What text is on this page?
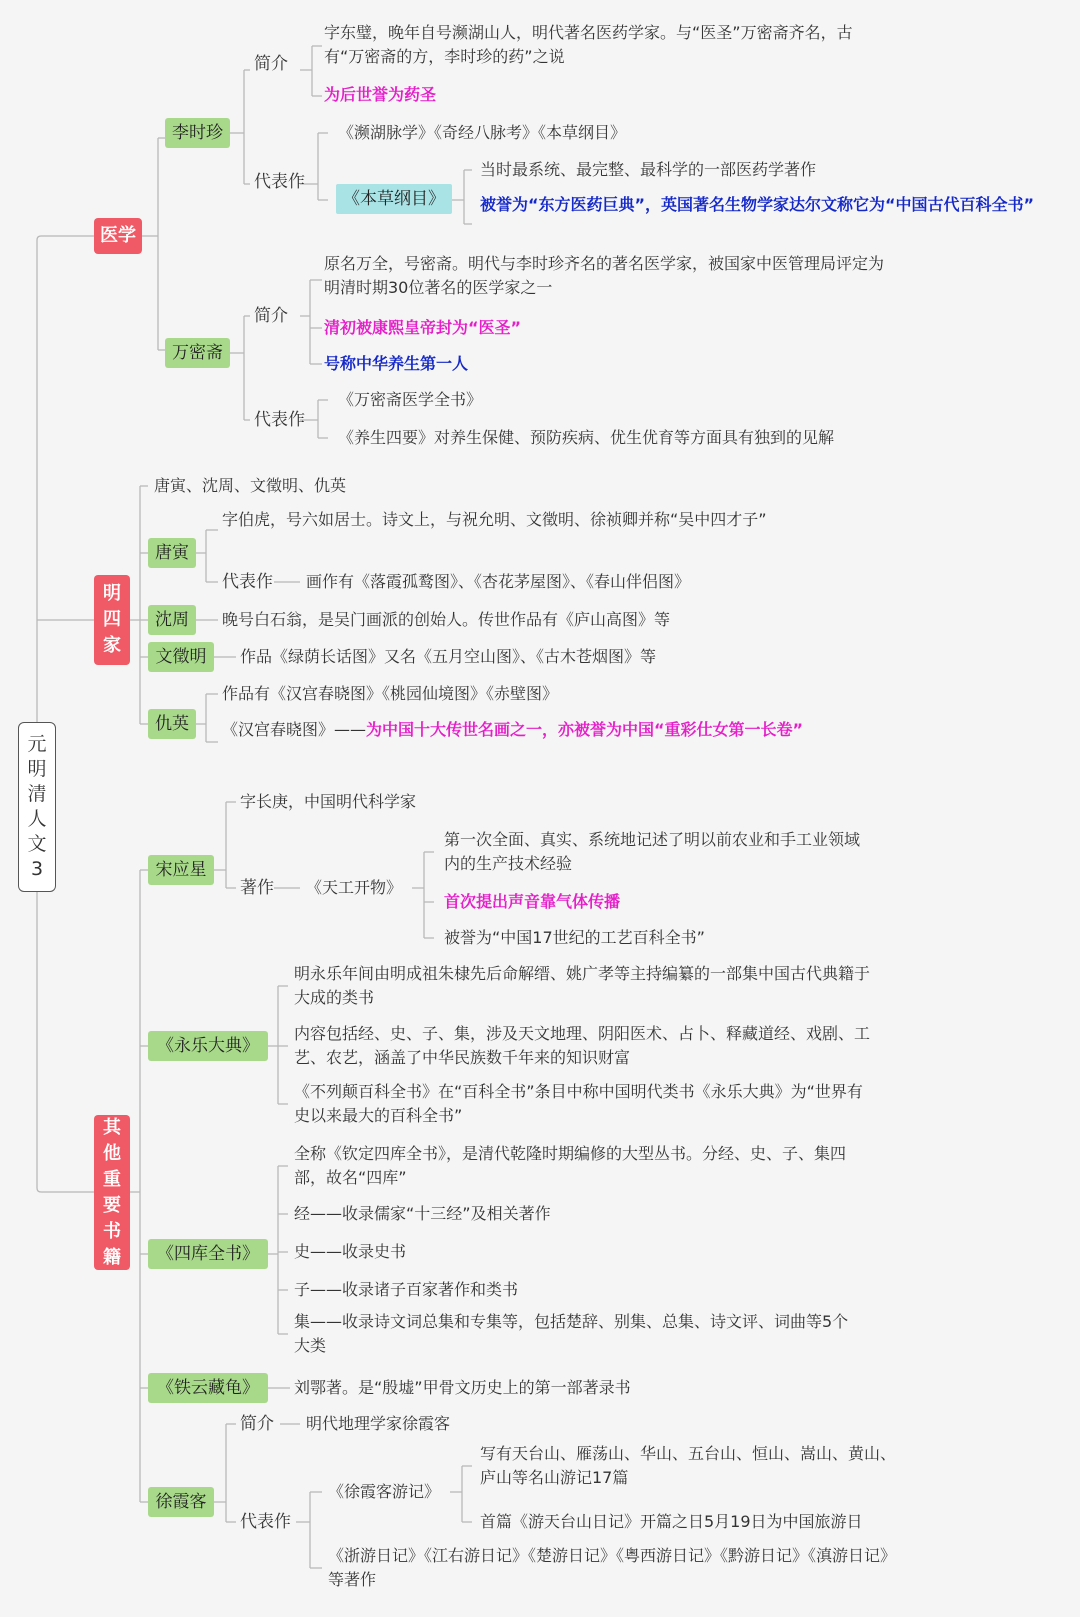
元明清人文3
医学
明四家
其他重要书籍
李时珍
简介
字东璧，晚年自号濒湖山人，明代著名医药学家。与“医圣”万密斋齐名，古有“万密斋的方，李时珍的药”之说
为后世誉为药圣
代表作
《濒湖脉学》《奇经八脉考》《本草纲目》
《本草纲目》
当时最系统、最完整、最科学的一部医药学著作
被誉为“东方医药巨典”，英国著名生物学家达尔文称它为“中国古代百科全书”
万密斋
简介
原名万全，号密斋。明代与李时珍齐名的著名医学家，被国家中医管理局评定为明清时期30位著名的医学家之一
清初被康熙皇帝封为“医圣”
号称中华养生第一人
代表作
《万密斋医学全书》
《养生四要》对养生保健、预防疾病、优生优育等方面具有独到的见解
唐寅、沈周、文徵明、仇英
唐寅
字伯虎，号六如居士。诗文上，与祝允明、文徵明、徐祯卿并称“吴中四才子”
代表作 画作有《落霞孤鹜图》、《杏花茅屋图》、《春山伴侣图》
沈周	晚号白石翁，是吴门画派的创始人。传世作品有《庐山高图》等
文徵明	作品《绿荫长话图》又名《五月空山图》、《古木苍烟图》等
仇英
作品有《汉宫春晓图》《桃园仙境图》《赤壁图》
《汉宫春晓图》——为中国十大传世名画之一，亦被誉为中国“重彩仕女第一长卷”
宋应星
字长庚，中国明代科学家
著作 《天工开物》
第一次全面、真实、系统地记述了明以前农业和手工业领域内的生产技术经验
首次提出声音靠气体传播
被誉为“中国17世纪的工艺百科全书”
《永乐大典》
明永乐年间由明成祖朱棣先后命解缙、姚广孝等主持编纂的一部集中国古代典籍于大成的类书
内容包括经、史、子、集，涉及天文地理、阴阳医术、占卜、释藏道经、戏剧、工艺、农艺，涵盖了中华民族数千年来的知识财富
《不列颠百科全书》在“百科全书”条目中称中国明代类书《永乐大典》为“世界有史以来最大的百科全书”
《四库全书》
全称《钦定四库全书》，是清代乾隆时期编修的大型丛书。分经、史、子、集四部，故名“四库”
经——收录儒家“十三经”及相关著作
史——收录史书
子——收录诸子百家著作和类书
集——收录诗文词总集和专集等，包括楚辞、别集、总集、诗文评、词曲等5个大类
《铁云藏龟》	刘鄂著。是“殷墟”甲骨文历史上的第一部著录书
徐霞客
简介 明代地理学家徐霞客
代表作
《徐霞客游记》
写有天台山、雁荡山、华山、五台山、恒山、嵩山、黄山、庐山等名山游记17篇
首篇《游天台山日记》开篇之日5月19日为中国旅游日
《浙游日记》《江右游日记》《楚游日记》《粤西游日记》《黔游日记》《滇游日记》等著作
